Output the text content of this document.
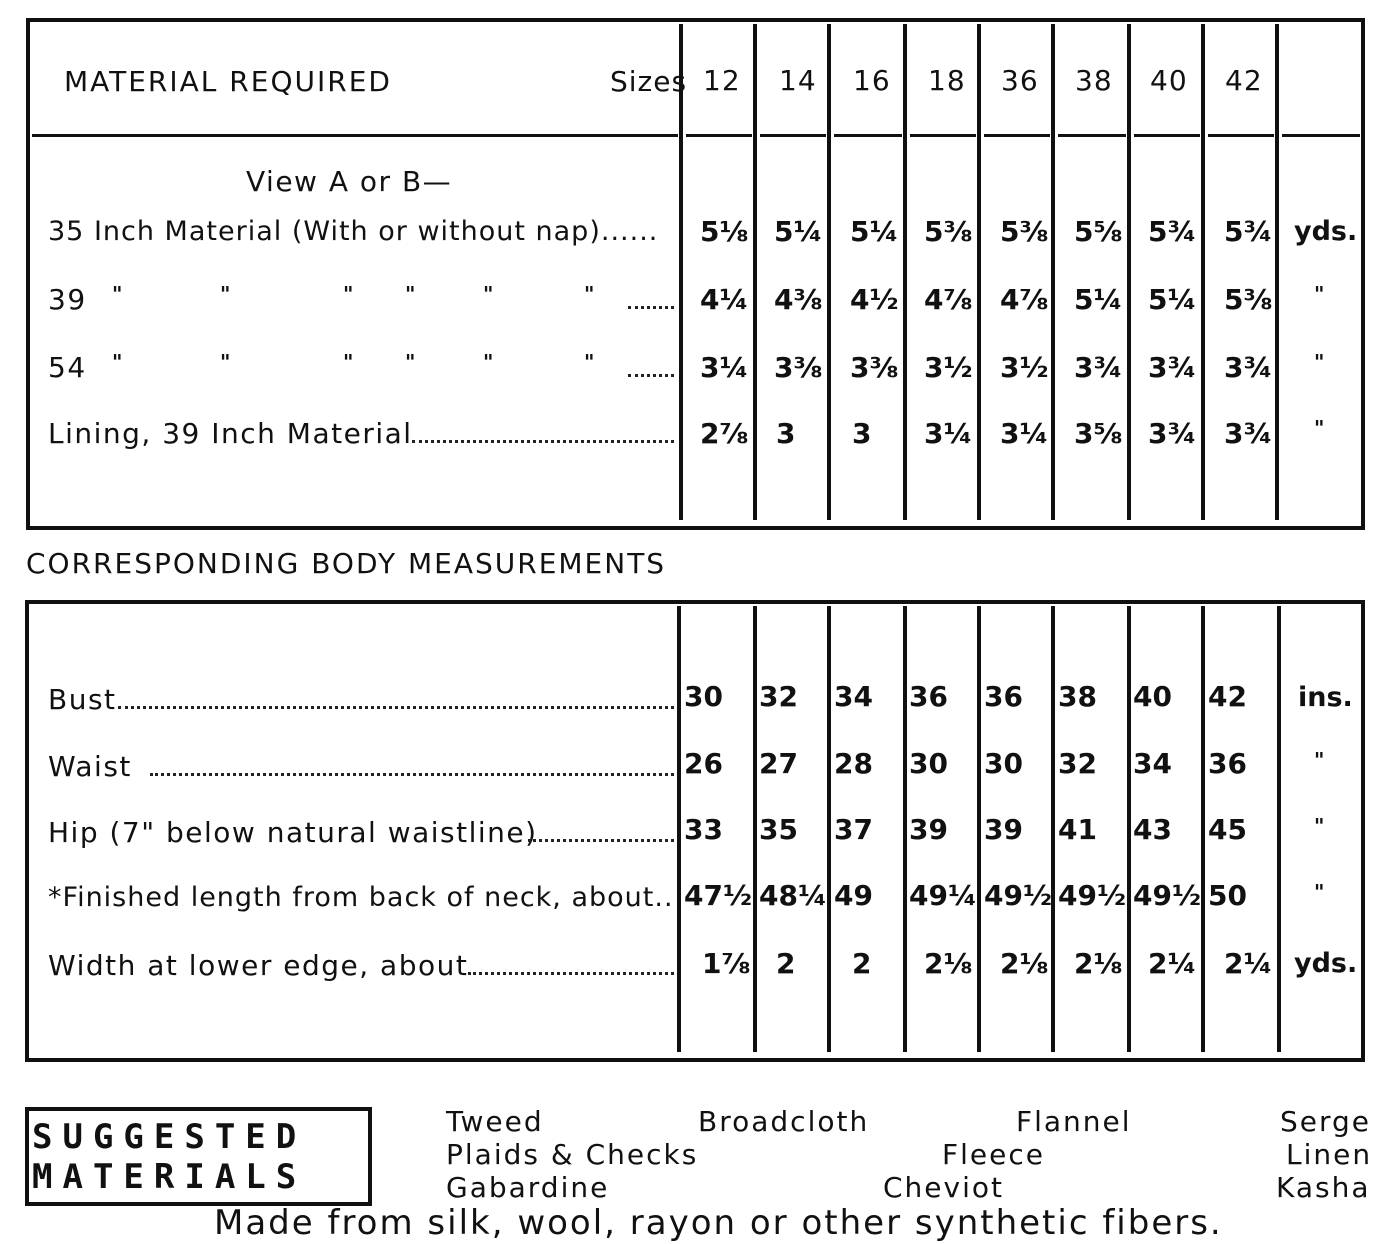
MATERIAL REQUIRED	Sizes 12 14 16 18 36 38 40 42
View A or B—
35 Inch Material (With or without nap)...... 5⅛ 5¼ 5¼ 5⅜ 5⅜ 5⅝ 5¾ 5¾ yds.
39 "	"	"	"	"	"	4¼ 4⅜ 4½ 4⅞ 4⅞ 5¼ 5¼ 5⅜ "
54 "	"	"	"	"	"	3¼ 3⅜ 3⅜ 3½ 3½ 3¾ 3¾ 3¾ "
Lining, 39 Inch Material	2⅞ 3 3 3¼ 3¼ 3⅝ 3¾ 3¾ "
CORRESPONDING BODY MEASUREMENTS
Bust	30 32 34 36 36 38 40 42 ins.
Waist	26 27 28 30 30 32 34 36	"
Hip (7" below natural waistline)	33 35 37 39 39 41 43 45	"
*Finished length from back of neck, about.. 47½ 48¼ 49 49¼ 49½ 49½ 49½ 50	"
Width at lower edge, about	1⅞ 2 2 2⅛ 2⅛ 2⅛ 2¼ 2¼ yds.
SUGGESTED
MATERIALS
Tweed
Plaids & Checks
Gabardine
Broadcloth
Fleece
Cheviot
Flannel	Serge
Linen
Kasha
Made from silk, wool, rayon or other synthetic fibers.
